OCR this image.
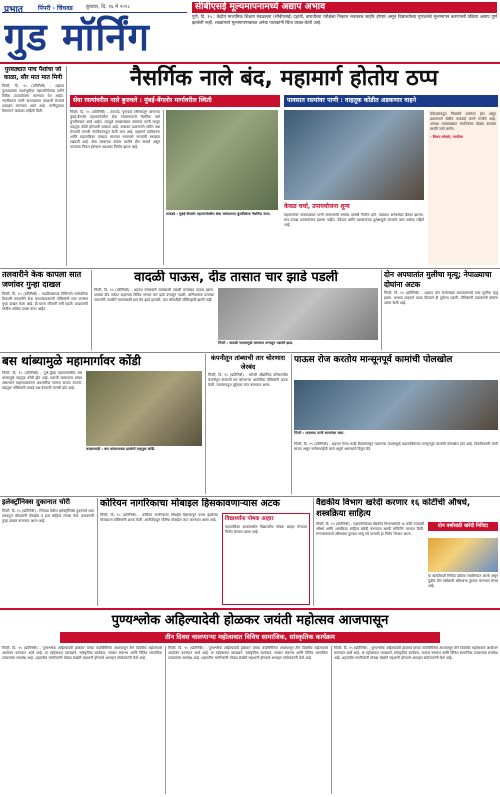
प्रभात	पिंपरी - चिंचवड	बुधवार, दि. १६ मे २०१८
गुड मॉर्निंग
सीबीएसई मूल्यमापनामध्ये अद्याप अभाव
पुणे, दि. १५ : केंद्रीय माध्यमिक शिक्षण मंडळाच्या (सीबीएसई) दहावी, बारावीच्या परीक्षेचा निकाल लवकरच जाहीर होणार असून विद्यार्थ्यांच्या गुणवत्तेचे मूल्यमापन करण्याची प्रक्रिया अद्याप पूर्ण झालेली नाही. शाळांमध्ये मूल्यमापनाबाबत अनेक पालकांनी चिंता व्यक्त केली आहे.
पुरवठ्यात पाच पैशांचा जो काळा, सौर मात मात मिनी
पिंपरी, दि. १५ (प्रतिनिधी) - शहरात पुरवठ्याच्या पार्श्वभूमीवर महापालिकेच्या वतीने विविध उपाययोजना करण्यात येत आहेत. नागरिकांना पाणी वापराबाबत काळजी घेण्याचे आवाहन करण्यात आले आहे. पाणीपुरवठा विभागाने याबाबत माहिती दिली.
नैसर्गिक नाले बंद, महामार्ग होतोय ठप्प
सेवा रस्त्यांवरील नाले बुजवले : मुंबई-बेंगलोर मार्गावरील स्थिती	पावसात रस्त्यांवर पाणी : वाहतूक कोंडीत अडकणार वाहने
पिंपरी, दि. १५ (प्रतिनिधी) - ताथवडे, पुनावळे परिसरातून जाणाऱ्या मुंबई-बेंगलोर महामार्गावरील सेवा रस्त्यांलगतचे नैसर्गिक नाले बुजविण्यात आले आहेत. त्यामुळे पावसाळ्यात रस्त्यांवर पाणी साचून वाहतूक कोंडी होण्याची शक्यता आहे. याबाबत प्रशासनाने त्वरित लक्ष देण्याची मागणी नागरिकांकडून केली जात आहे. महामार्ग प्राधिकरण आणि महापालिका यांच्यात समन्वय नसल्याने नाल्यांची स्वच्छता रखडली आहे. सेवा रस्त्यांच्या कडेला मातीचे ढीग साचले असून पाण्याचा निचरा होण्यास अडथळा निर्माण झाला आहे.
ताथवडे : मुंबई-बेंगलोर महामार्गावरील सेवा रस्त्यालगत बुजविलेला नैसर्गिक नाला.
केवळ चर्चा, उपाययोजना शून्य
महामार्गावर पावसाळ्यात पाणी साचण्याची समस्या दरवर्षी निर्माण होते. याबाबत अनेकवेळा बैठका झाल्या, मात्र प्रत्यक्ष उपाययोजना झाल्या नाहीत. ठेकेदार आणि प्रशासनाच्या दुर्लक्षामुळे नाल्यांचे काम अर्धवट राहिले आहे.
ठेकेदारांकडून नियमांचे उल्लंघन होत असून प्रशासनाने वेळीच कारवाई करणे गरजेचे आहे. अन्यथा पावसाळ्यात नागरिकांना मोठ्या त्रासाला सामोरे जावे लागेल.
- विजय भोसले, नागरिक
तलवारीने केक कापला सात जणांवर गुन्हा दाखल
पिंपरी, दि. १५ (प्रतिनिधी) - वाढदिवसाच्या निमित्ताने सार्वजनिक ठिकाणी तलवारीने केक कापल्याप्रकरणी पोलिसांनी सात जणांवर गुन्हा दाखल केला आहे. ही घटना रविवारी रात्री घडली. याप्रकरणी पोलीस अधिक तपास करत आहेत.
वादळी पाऊस, दीड तासात चार झाडे पडली
पिंपरी, दि. १५ (प्रतिनिधी) - शहरात मंगळवारी सायंकाळी वादळी वाऱ्यासह पाऊस झाला. अवघ्या दीड तासात शहराच्या विविध भागात चार झाडे उन्मळून पडली. अग्निशामक दलाच्या जवानांनी तातडीने घटनास्थळी धाव घेत झाडे हटवली. यात कोणतीही जीवितहानी झाली नाही.
पिंपरी : वादळी पावसामुळे रस्त्यावर उन्मळून पडलेले झाड.
दोन अपघातांत मुलीचा मृत्यू; नेपाळ्याचा दोघांना अटक
पिंपरी, दि. १५ (प्रतिनिधी) - शहरात दोन वेगवेगळ्या अपघातांमध्ये एका मुलीचा मृत्यू झाला. भरधाव वाहनाने धडक दिल्याने ही दुर्घटना घडली. पोलिसांनी याप्रकरणी दोघांना अटक केली आहे.
बस थांब्यामुळे महामार्गावर कोंडी
पिंपरी, दि. १५ (प्रतिनिधी) - पुणे-मुंबई महामार्गावरील बस थांब्यामुळे वाहतूक कोंडी होत आहे. प्रवासी रस्त्यावरच थांबत असल्याने वाहनचालकांना अडचणींचा सामना करावा लागतो. वाहतूक पोलिसांनी याकडे लक्ष देण्याची मागणी होत आहे.
कासारवाडी : बस थांब्याजवळ झालेली वाहतूक कोंडी.
कंपनीतून तांब्याची तार चोरणारा जेरबंद
पिंपरी, दि. १५ (प्रतिनिधी) - भोसरी औद्योगिक परिसरातील कंपनीतून तांब्याची तार चोरणाऱ्या आरोपीला पोलिसांनी अटक केली. त्याच्याकडून मुद्देमाल जप्त करण्यात आला.
पाऊस रोज करतोय मान्सूनपूर्व कामांची पोलखोल
पिंपरी : पावसात पाणी साचलेला रस्ता.
पिंपरी, दि. १५ (प्रतिनिधी) - शहरात गेल्या काही दिवसांपासून पडणाऱ्या पावसामुळे महापालिकेच्या मान्सूनपूर्व कामांची पोलखोल होत आहे. ठिकठिकाणी पाणी साचत असून नालेसफाईची कामे अपूर्ण असल्याचे दिसून येते.
इलेक्ट्रॉनिक्स दुकानात चोरी
पिंपरी, दि. १५ (प्रतिनिधी) - चिंचवड येथील इलेक्ट्रॉनिक्स दुकानाचे शटर उचकटून चोरट्यांनी मोबाईल व इतर साहित्य लंपास केले. याप्रकरणी गुन्हा दाखल करण्यात आला आहे.
कोरियन नागरिकाचा मोबाइल हिसकावणाऱ्यास अटक
पिंपरी, दि. १५ (प्रतिनिधी) - कोरियन नागरिकाचा मोबाईल हिसकावून पसार झालेल्या चोरट्याला पोलिसांनी अटक केली. आरोपीकडून चोरीचा मोबाईल जप्त करण्यात आला आहे. विद्यार्थ्यांना पोषक आहार
महापालिका शाळांमधील विद्यार्थ्यांना पोषक आहार देण्याचा निर्णय घेण्यात आला आहे.
वैद्यकीय विभाग खरेदी करणार १६ कोटींची औषधे, शस्त्रक्रिया साहित्य
पिंपरी, दि. १५ (प्रतिनिधी) - महापालिकेच्या वैद्यकीय विभागासाठी १६ कोटी रुपयांची औषधे आणि शस्त्रक्रिया साहित्य खरेदी करण्यास स्थायी समितीने मान्यता दिली. रुग्णालयांमध्ये औषधांचा तुटवडा भासू नये यासाठी हा निर्णय घेण्यात आला.
दोन वर्षांसाठी खरेदी निविदा
या खरेदीसाठी निविदा प्रक्रिया राबविण्यात आली असून पुढील दोन वर्षांसाठी औषधांचा पुरवठा करण्यात येणार आहे.
पुण्यश्लोक अहिल्यादेवी होळकर जयंती महोत्सव आजपासून
तीन दिवस चालणाऱ्या महोत्सवात विविध सामाजिक, सांस्कृतिक कार्यक्रम
पिंपरी, दि. १५ (प्रतिनिधी) - पुण्यश्लोक अहिल्यादेवी होळकर यांच्या जयंतीनिमित्त आजपासून तीन दिवसीय महोत्सवाचे आयोजन करण्यात आले आहे. या महोत्सवात व्याख्याने, सांस्कृतिक कार्यक्रम, सत्कार समारंभ आणि विविध सामाजिक उपक्रमांचा समावेश आहे. शहरातील नागरिकांनी मोठ्या संख्येने सहभागी होण्याचे आवाहन संयोजकांनी केले आहे.
पिंपरी, दि. १५ (प्रतिनिधी) - पुण्यश्लोक अहिल्यादेवी होळकर यांच्या जयंतीनिमित्त आजपासून तीन दिवसीय महोत्सवाचे आयोजन करण्यात आले आहे. या महोत्सवात व्याख्याने, सांस्कृतिक कार्यक्रम, सत्कार समारंभ आणि विविध सामाजिक उपक्रमांचा समावेश आहे. शहरातील नागरिकांनी मोठ्या संख्येने सहभागी होण्याचे आवाहन संयोजकांनी केले आहे.
पिंपरी, दि. १५ (प्रतिनिधी) - पुण्यश्लोक अहिल्यादेवी होळकर यांच्या जयंतीनिमित्त आजपासून तीन दिवसीय महोत्सवाचे आयोजन करण्यात आले आहे. या महोत्सवात व्याख्याने, सांस्कृतिक कार्यक्रम, सत्कार समारंभ आणि विविध सामाजिक उपक्रमांचा समावेश आहे. शहरातील नागरिकांनी मोठ्या संख्येने सहभागी होण्याचे आवाहन संयोजकांनी केले आहे.
